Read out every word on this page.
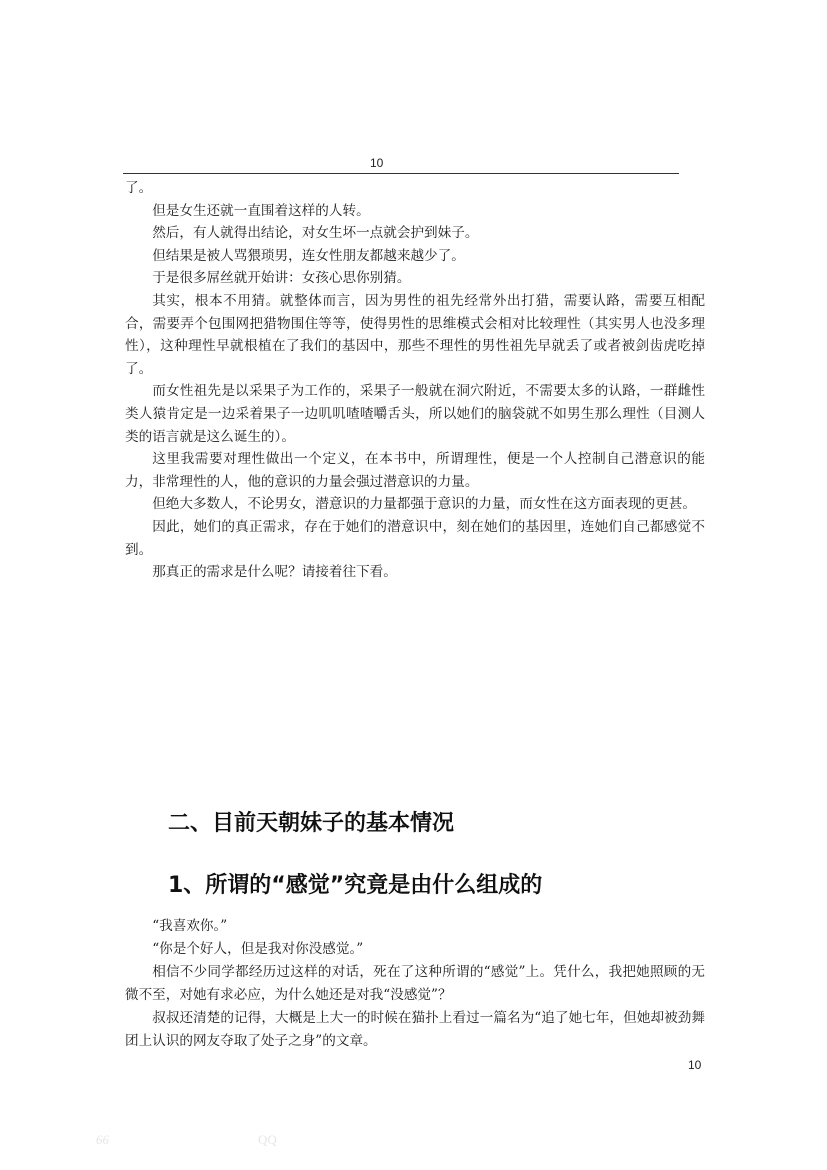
10

了。

但是女生还就一直围着这样的人转。

然后，有人就得出结论，对女生坏一点就会护到妹子。

但结果是被人骂猥琐男，连女性朋友都越来越少了。

于是很多屌丝就开始讲：女孩心思你别猜。

其实，根本不用猜。就整体而言，因为男性的祖先经常外出打猎，需要认路，需要互相配合，需要弄个包围网把猎物围住等等，使得男性的思维模式会相对比较理性（其实男人也没多理性），这种理性早就根植在了我们的基因中，那些不理性的男性祖先早就丢了或者被剑齿虎吃掉了。

而女性祖先是以采果子为工作的，采果子一般就在洞穴附近，不需要太多的认路，一群雌性类人猿肯定是一边采着果子一边叽叽喳喳嚼舌头，所以她们的脑袋就不如男生那么理性（目测人类的语言就是这么诞生的）。

这里我需要对理性做出一个定义，在本书中，所谓理性，便是一个人控制自己潜意识的能力，非常理性的人，他的意识的力量会强过潜意识的力量。

但绝大多数人，不论男女，潜意识的力量都强于意识的力量，而女性在这方面表现的更甚。

因此，她们的真正需求，存在于她们的潜意识中，刻在她们的基因里，连她们自己都感觉不到。

那真正的需求是什么呢？请接着往下看。

二、目前天朝妹子的基本情况
1、所谓的“感觉”究竟是由什么组成的

“我喜欢你。”

“你是个好人，但是我对你没感觉。”

相信不少同学都经历过这样的对话，死在了这种所谓的“感觉”上。凭什么，我把她照顾的无微不至，对她有求必应，为什么她还是对我“没感觉”？

叔叔还清楚的记得，大概是上大一的时候在猫扑上看过一篇名为“追了她七年，但她却被劲舞团上认识的网友夺取了处子之身”的文章。

10
66	QQ
